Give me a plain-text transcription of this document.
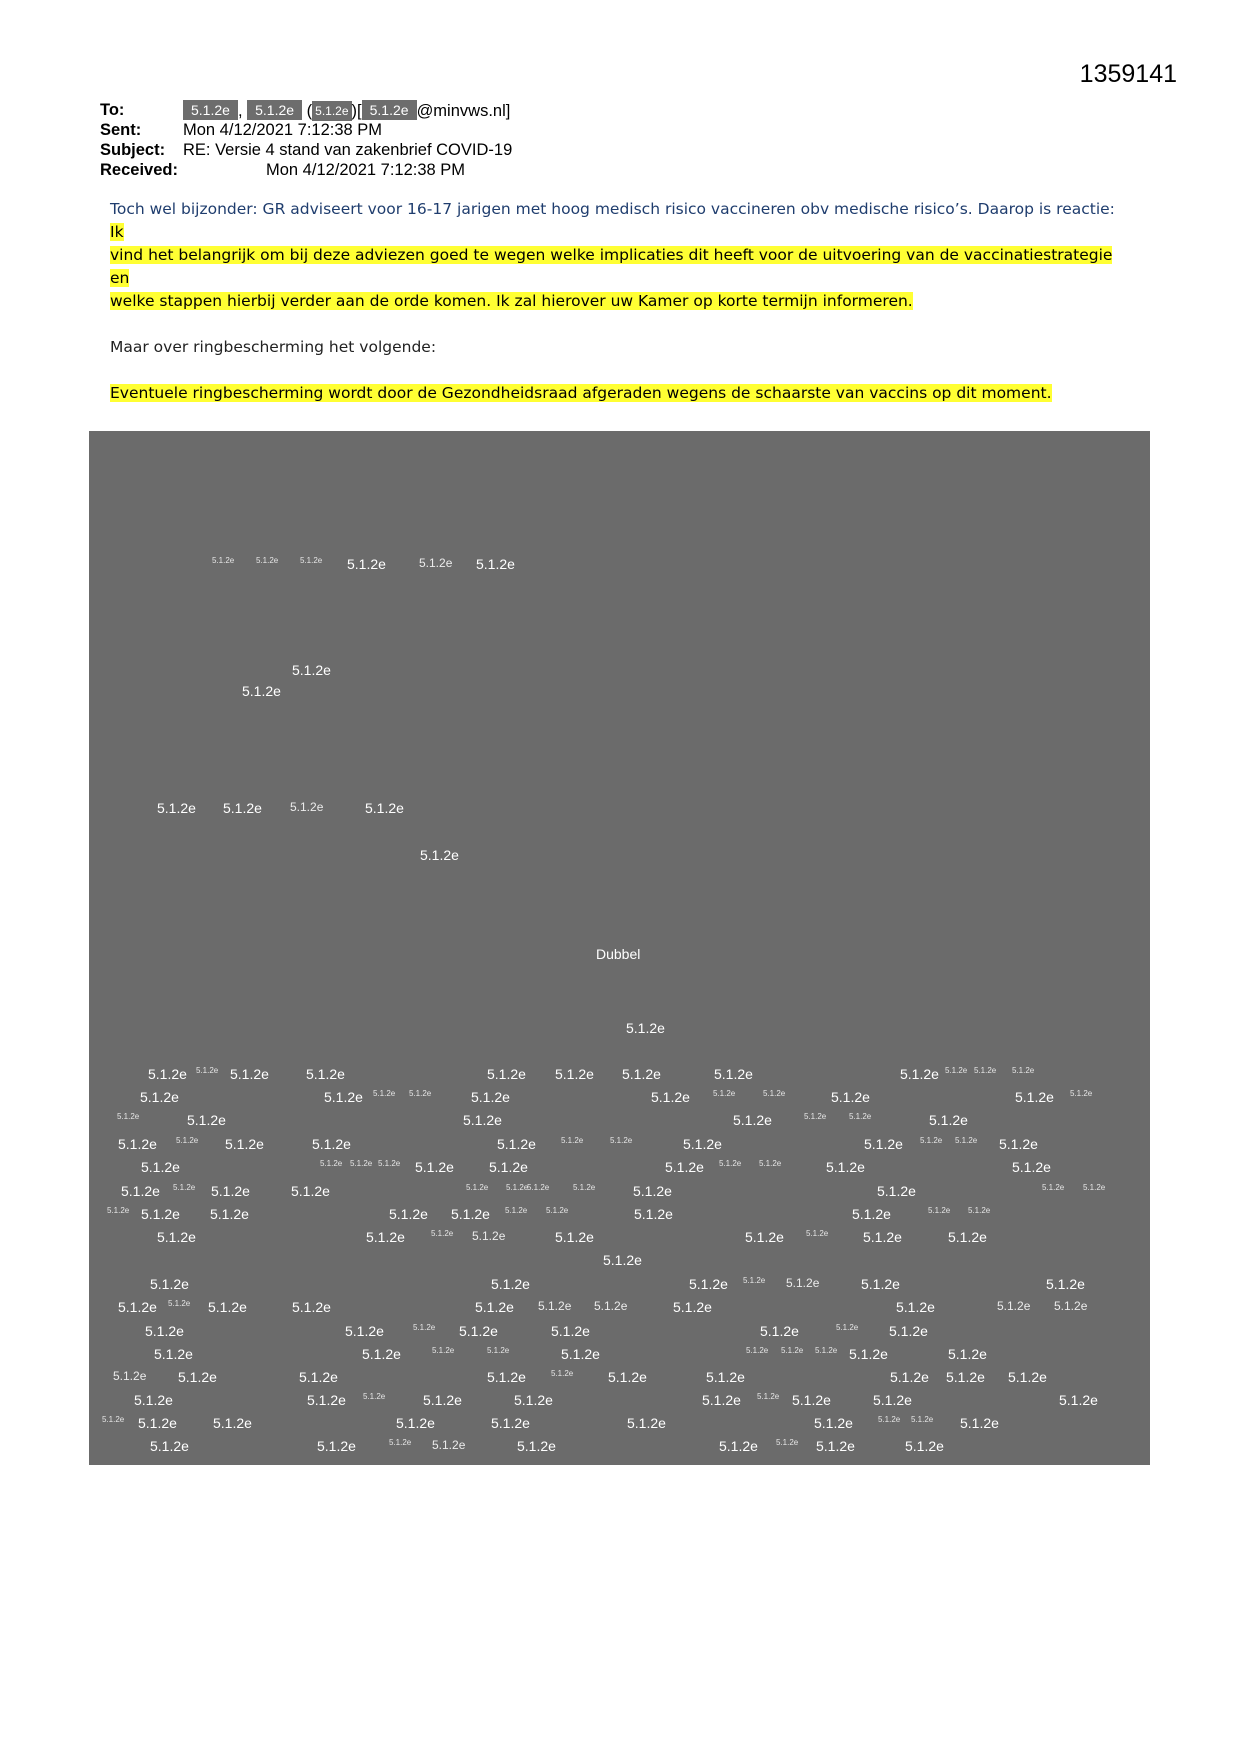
1359141
To:	5.1.2e , 5.1.2e ( 5.1.2e )[ 5.1.2e @minvws.nl]
Sent:	Mon 4/12/2021 7:12:38 PM
Subject: RE: Versie 4 stand van zakenbrief COVID-19
Received:	Mon 4/12/2021 7:12:38 PM

Toch wel bijzonder: GR adviseert voor 16-17 jarigen met hoog medisch risico vaccineren obv medische risico’s. Daarop is reactie: Ik
vind het belangrijk om bij deze adviezen goed te wegen welke implicaties dit heeft voor de uitvoering van de vaccinatiestrategie en
welke stappen hierbij verder aan de orde komen. Ik zal hierover uw Kamer op korte termijn informeren.

Maar over ringbescherming het volgende:

Eventuele ringbescherming wordt door de Gezondheidsraad afgeraden wegens de schaarste van vaccins op dit moment.

5.1.2e	5.1.2e	5.1.2e 5.1.2e	5.1.2e 5.1.2e
5.1.2e
5.1.2e
5.1.2e 5.1.2e 5.1.2e	5.1.2e
5.1.2e
5.1.2e
5.1.2e 5.1.2e 5.1.2e	5.1.2e	5.1.2e 5.1.2e 5.1.2e	5.1.2e	5.1.2e 5.1.2e 5.1.2e 5.1.2e
5.1.2e	5.1.2e 5.1.2e 5.1.2e	5.1.2e	5.1.2e	5.1.2e	5.1.2e	5.1.2e	5.1.2e 5.1.2e
5.1.2e	5.1.2e	5.1.2e	5.1.2e	5.1.2e	5.1.2e	5.1.2e
5.1.2e 5.1.2e 5.1.2e	5.1.2e	5.1.2e	5.1.2e	5.1.2e	5.1.2e	5.1.2e 5.1.2e 5.1.2e 5.1.2e
5.1.2e	5.1.2e 5.1.2e 5.1.2e 5.1.2e	5.1.2e	5.1.2e 5.1.2e 5.1.2e	5.1.2e	5.1.2e
5.1.2e 5.1.2e 5.1.2e	5.1.2e	5.1.2e 5.1.2e
5.1.2e	5.1.2e	5.1.2e	5.1.2e	5.1.2e 5.1.2e
5.1.2e 5.1.2e 5.1.2e	5.1.2e 5.1.2e 5.1.2e 5.1.2e	5.1.2e	5.1.2e	5.1.2e 5.1.2e
5.1.2e	5.1.2e	5.1.2e 5.1.2e	5.1.2e	5.1.2e	5.1.2e 5.1.2e	5.1.2e
5.1.2e
5.1.2e	5.1.2e	5.1.2e 5.1.2e 5.1.2e	5.1.2e	5.1.2e
5.1.2e 5.1.2e 5.1.2e	5.1.2e	5.1.2e 5.1.2e 5.1.2e	5.1.2e	5.1.2e	5.1.2e 5.1.2e
5.1.2e	5.1.2e	5.1.2e 5.1.2e	5.1.2e	5.1.2e	5.1.2e 5.1.2e
5.1.2e	5.1.2e	5.1.2e	5.1.2e	5.1.2e	5.1.2e 5.1.2e 5.1.2e 5.1.2e	5.1.2e
5.1.2e 5.1.2e	5.1.2e	5.1.2e	5.1.2e 5.1.2e	5.1.2e	5.1.2e 5.1.2e 5.1.2e
5.1.2e	5.1.2e 5.1.2e	5.1.2e	5.1.2e	5.1.2e 5.1.2e 5.1.2e	5.1.2e	5.1.2e
5.1.2e 5.1.2e	5.1.2e	5.1.2e	5.1.2e	5.1.2e	5.1.2e	5.1.2e 5.1.2e 5.1.2e
5.1.2e	5.1.2e	5.1.2e 5.1.2e	5.1.2e	5.1.2e 5.1.2e 5.1.2e	5.1.2e
Dubbel
